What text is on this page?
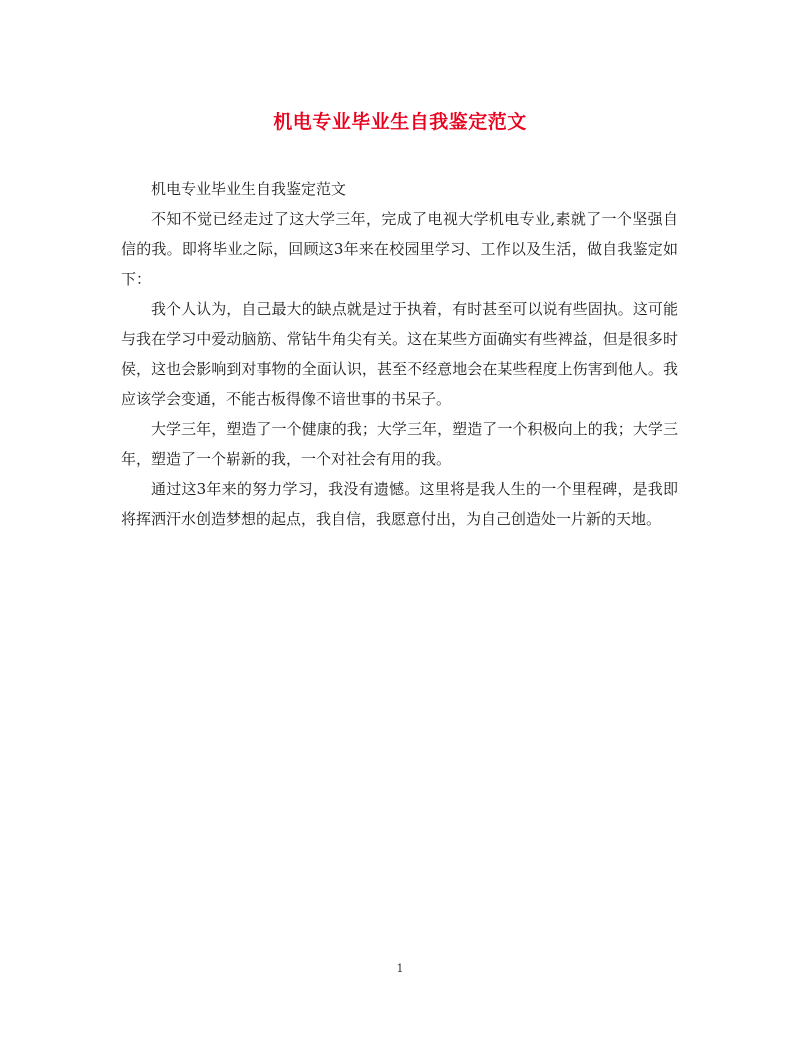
机电专业毕业生自我鉴定范文

机电专业毕业生自我鉴定范文

不知不觉已经走过了这大学三年，完成了电视大学机电专业,素就了一个坚强自信的我。即将毕业之际，回顾这3年来在校园里学习、工作以及生活，做自我鉴定如下：

我个人认为，自己最大的缺点就是过于执着，有时甚至可以说有些固执。这可能与我在学习中爱动脑筋、常钻牛角尖有关。这在某些方面确实有些裨益，但是很多时侯，这也会影响到对事物的全面认识，甚至不经意地会在某些程度上伤害到他人。我应该学会变通，不能古板得像不谙世事的书呆子。

大学三年，塑造了一个健康的我；大学三年，塑造了一个积极向上的我；大学三年，塑造了一个崭新的我，一个对社会有用的我。

通过这3年来的努力学习，我没有遗憾。这里将是我人生的一个里程碑，是我即将挥洒汗水创造梦想的起点，我自信，我愿意付出，为自己创造处一片新的天地。

1
